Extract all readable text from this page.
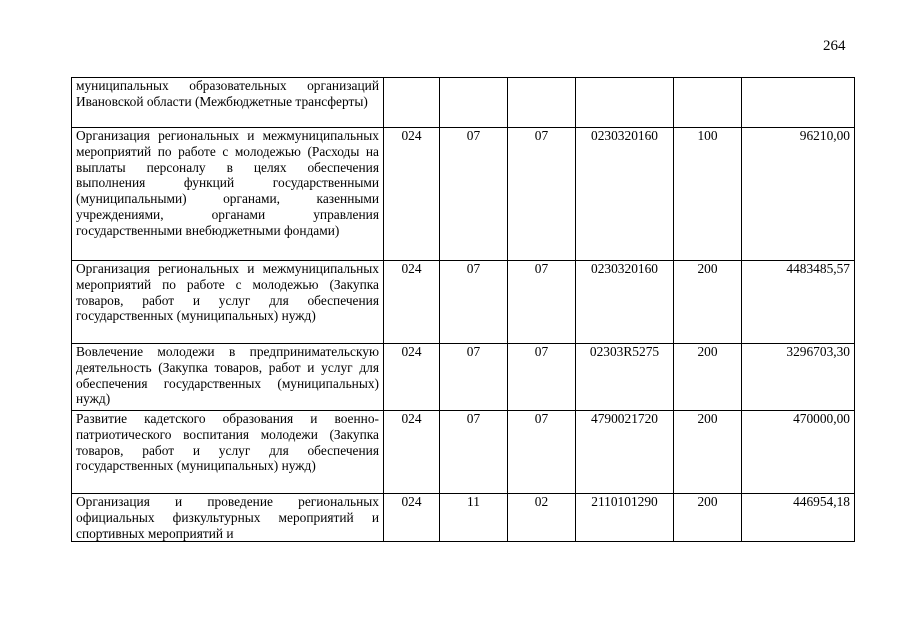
264
муниципальных образовательных организаций Ивановской области (Межбюджетные трансферты)						
Организация региональных и межмуниципальных мероприятий по работе с молодежью (Расходы на выплаты персоналу в целях обеспечения выполнения функций государственными (муниципальными) органами, казенными учреждениями, органами управления государственными внебюджетными фондами)	024	07	07	0230320160	100	96210,00
Организация региональных и межмуниципальных мероприятий по работе с молодежью (Закупка товаров, работ и услуг для обеспечения государственных (муниципальных) нужд)	024	07	07	0230320160	200	4483485,57
Вовлечение молодежи в предпринимательскую деятельность (Закупка товаров, работ и услуг для обеспечения государственных (муниципальных) нужд)	024	07	07	02303R5275	200	3296703,30
Развитие кадетского образования и военно-патриотического воспитания молодежи (Закупка товаров, работ и услуг для обеспечения государственных (муниципальных) нужд)	024	07	07	4790021720	200	470000,00

Организация и проведение региональных официальных физкультурных мероприятий и спортивных мероприятий и	024	11	02	2110101290	200	446954,18
